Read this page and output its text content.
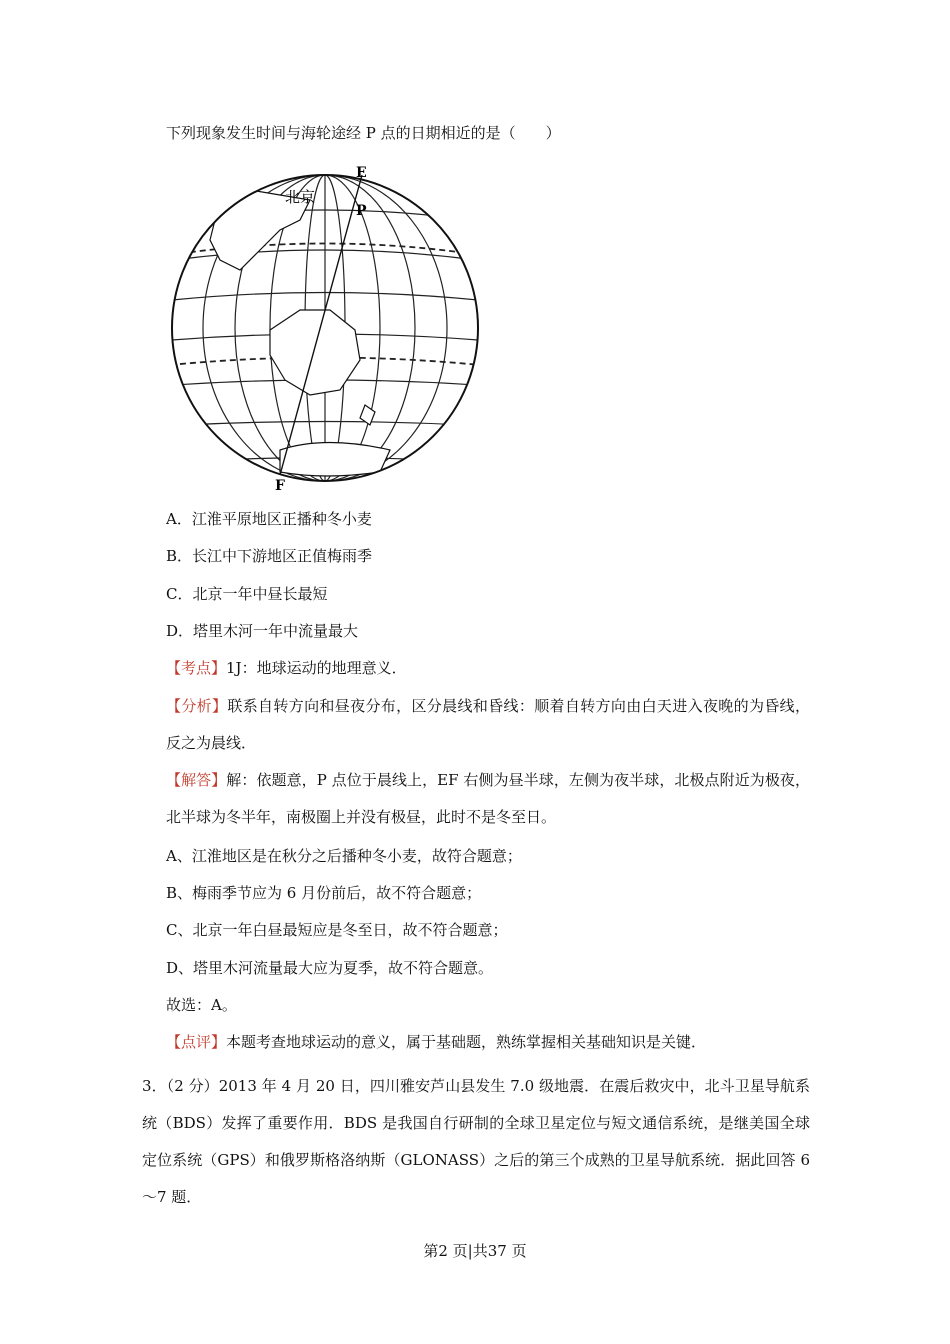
下列现象发生时间与海轮途经 P 点的日期相近的是（　　）
北京
E
P
F
A．江淮平原地区正播种冬小麦
B．长江中下游地区正值梅雨季
C．北京一年中昼长最短
D．塔里木河一年中流量最大
【考点】1J：地球运动的地理意义．
【分析】联系自转方向和昼夜分布，区分晨线和昏线：顺着自转方向由白天进入夜晚的为昏线，反之为晨线．
【解答】解：依题意，P 点位于晨线上，EF 右侧为昼半球，左侧为夜半球，北极点附近为极夜，北半球为冬半年，南极圈上并没有极昼，此时不是冬至日。
A、江淮地区是在秋分之后播种冬小麦，故符合题意；
B、梅雨季节应为 6 月份前后，故不符合题意；
C、北京一年白昼最短应是冬至日，故不符合题意；
D、塔里木河流量最大应为夏季，故不符合题意。
故选：A。
【点评】本题考查地球运动的意义，属于基础题，熟练掌握相关基础知识是关键．
3．（2 分）2013 年 4 月 20 日，四川雅安芦山县发生 7.0 级地震．在震后救灾中，北斗卫星导航系统（BDS）发挥了重要作用．BDS 是我国自行研制的全球卫星定位与短文通信系统，是继美国全球定位系统（GPS）和俄罗斯格洛纳斯（GLONASS）之后的第三个成熟的卫星导航系统．据此回答 6～7 题．
第2 页|共37 页
